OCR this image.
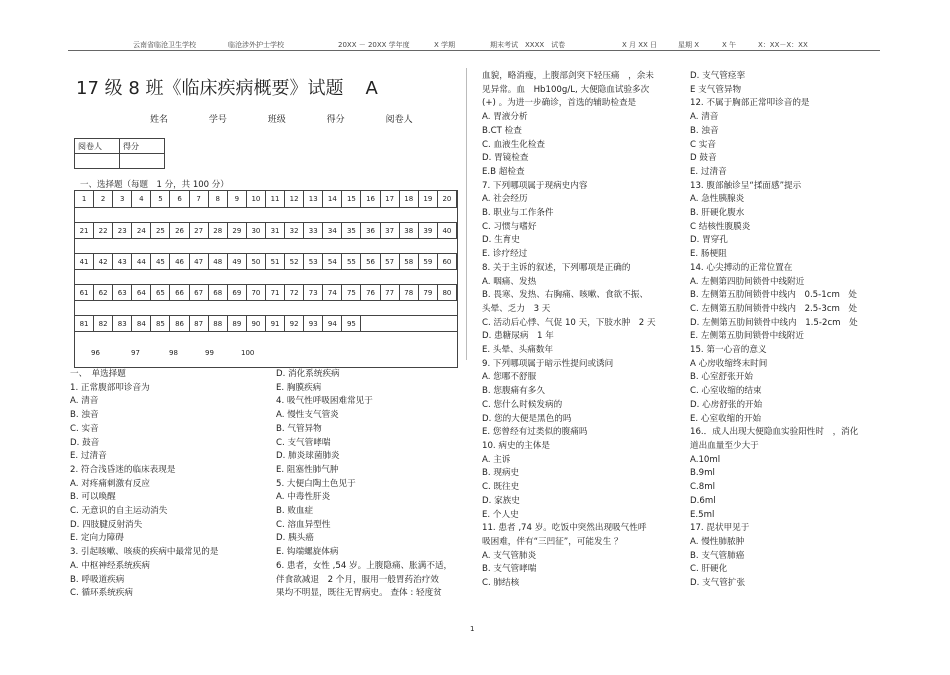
云南省临沧卫生学校	临沧涉外护士学校	20XX － 20XX 学年度	X 学期	期末考试　XXXX　试卷	X 月 XX 日	星期 X	X 午	X：XX－X：XX
17 级 8 班《临床疾病概要》试题 A
姓名	学号	班级	得分	阅卷人
阅卷人	得分

一、选择题（每题　1 分，共 100 分）
1	2	3	4	5	6	7	8	9	10	11	12	13	14	15	16	17	18	19	20
21	22	23	24	25	26	27	28	29	30	31	32	33	34	35	36	37	38	39	40
41	42	43	44	45	46	47	48	49	50	51	52	53	54	55	56	57	58	59	60
61	62	63	64	65	66	67	68	69	70	71	72	73	74	75	76	77	78	79	80
81	82	83	84	85	86	87	88	89	90	91	92	93	94	95
96	97	98	99	100
一、　单选择题
1. 正常腹部叩诊音为
A. 清音
B. 浊音
C. 实音
D. 鼓音
E. 过清音
2. 符合浅昏迷的临床表现是
A. 对疼痛刺激有反应
B. 可以唤醒
C. 无意识的自主运动消失
D. 四肢腱反射消失
E. 定向力障碍
3. 引起咳嗽、咳痰的疾病中最常见的是
A. 中枢神经系统疾病
B. 呼吸道疾病
C. 循环系统疾病
D. 消化系统疾病
E. 胸膜疾病
4. 吸气性呼吸困难常见于
A. 慢性支气管炎
B. 气管异物
C. 支气管哮喘
D. 肺炎球菌肺炎
E. 阻塞性肺气肿
5. 大便白陶土色见于
A. 中毒性肝炎
B. 败血症
C. 溶血异型性
D. 胰头癌
E. 钩端螺旋体病
6. 患者，女性 ,54 岁。上腹隐痛、胀满不适，
伴食欲减退　2 个月，服用一般胃药治疗效
果均不明显，既往无胃病史。 查体 : 轻度贫
血貌，略消瘦，上腹部剑突下轻压痛　，余未
见异常。血　Hb100g/L, 大便隐血试验多次
(+) 。为进一步确诊，首选的辅助检查是
A. 胃液分析
B.CT 检查
C. 血液生化检查
D. 胃镜检查
E.B 超检查
7. 下列哪项属于现病史内容
A. 社会经历
B. 职业与工作条件
C. 习惯与嗜好
D. 生育史
E. 诊疗经过
8. 关于主诉的叙述，下列哪项是正确的
A. 咽痛、发热
B. 畏寒、发热、右胸痛、咳嗽、食欲不振、
头晕、乏力　3 天
C. 活动后心悸、气促 10 天，下肢水肿　2 天
D. 患糖尿病　1 年
E. 头晕、头痛数年
9. 下列哪项属于暗示性提问或诱问
A. 您哪不舒服
B. 您腹痛有多久
C. 您什么时候发病的
D. 您的大便是黑色的吗
E. 您曾经有过类似的腹痛吗
10. 病史的主体是
A. 主诉
B. 现病史
C. 既往史
D. 家族史
E. 个人史
11. 患者 ,74 岁。吃饭中突然出现吸气性呼
吸困难，伴有“三凹征”，可能发生 ？
A. 支气管肺炎
B. 支气管哮喘
C. 肺结核
D. 支气管痉挛
E 支气管异物
12. 不属于胸部正常叩诊音的是
A. 清音
B. 浊音
C 实音
D 鼓音
E. 过清音
13. 腹部触诊呈“揉面感”提示
A. 急性胰腺炎
B. 肝硬化腹水
C 结核性腹膜炎
D. 胃穿孔
E. 肠梗阻
14. 心尖搏动的正常位置在
A. 左侧第四肋间锁骨中线附近
B. 左侧第五肋间锁骨中线内　0.5-1cm　处
C. 左侧第五肋间锁骨中线内　2.5-3cm　处
D. 左侧第五肋间锁骨中线内　1.5-2cm　处
E. 左侧第五肋间锁骨中线附近
15. 第一心音的意义
A 心房收缩终末时间
B. 心室舒张开始
C. 心室收缩的结束
D. 心房舒张的开始
E. 心室收缩的开始
16.．成人出现大便隐血实验阳性时　，消化
道出血量至少大于
A.10ml
B.9ml
C.8ml
D.6ml
E.5ml
17. 毘状甲见于
A. 慢性肺脓肿
B. 支气管肺癌
C. 肝硬化
D. 支气管扩张
1
